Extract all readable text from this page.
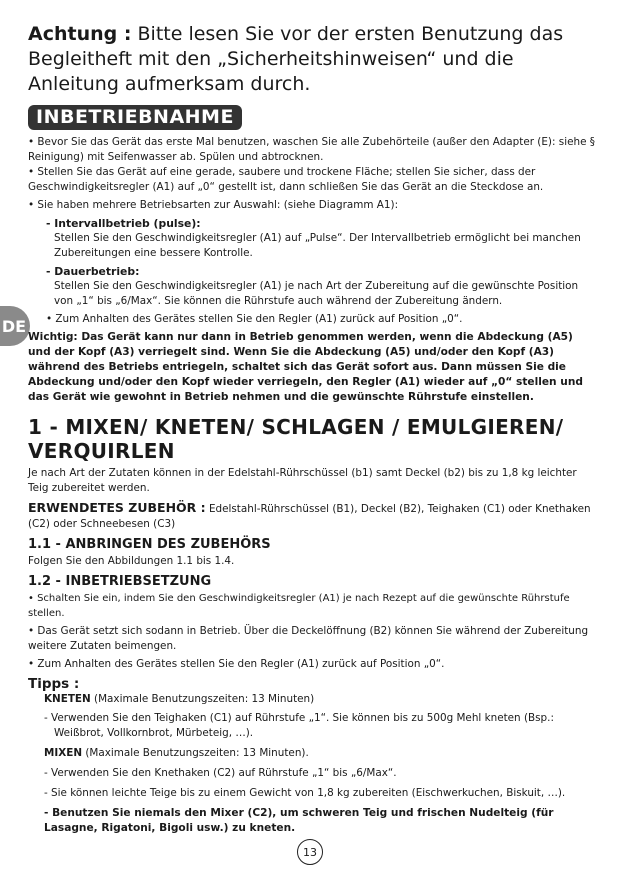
DE

Achtung : Bitte lesen Sie vor der ersten Benutzung das Begleitheft mit den „Sicherheitshinweisen“ und die Anleitung aufmerksam durch.

INBETRIEBNAHME

• Bevor Sie das Gerät das erste Mal benutzen, waschen Sie alle Zubehörteile (außer den Adapter (E): siehe § Reinigung) mit Seifenwasser ab. Spülen und abtrocknen.

• Stellen Sie das Gerät auf eine gerade, saubere und trockene Fläche; stellen Sie sicher, dass der Geschwindigkeitsregler (A1) auf „0“ gestellt ist, dann schließen Sie das Gerät an die Steckdose an.

• Sie haben mehrere Betriebsarten zur Auswahl: (siehe Diagramm A1):

- Intervallbetrieb (pulse):

Stellen Sie den Geschwindigkeitsregler (A1) auf „Pulse“. Der Intervallbetrieb ermöglicht bei manchen Zubereitungen eine bessere Kontrolle.

- Dauerbetrieb:

Stellen Sie den Geschwindigkeitsregler (A1) je nach Art der Zubereitung auf die gewünschte Position von „1“ bis „6/Max“. Sie können die Rührstufe auch während der Zubereitung ändern.

• Zum Anhalten des Gerätes stellen Sie den Regler (A1) zurück auf Position „0“.

Wichtig: Das Gerät kann nur dann in Betrieb genommen werden, wenn die Abdeckung (A5) und der Kopf (A3) verriegelt sind. Wenn Sie die Abdeckung (A5) und/oder den Kopf (A3) während des Betriebs entriegeln, schaltet sich das Gerät sofort aus. Dann müssen Sie die Abdeckung und/oder den Kopf wieder verriegeln, den Regler (A1) wieder auf „0“ stellen und das Gerät wie gewohnt in Betrieb nehmen und die gewünschte Rührstufe einstellen.

1 - MIXEN/ KNETEN/ SCHLAGEN / EMULGIEREN/ VERQUIRLEN

Je nach Art der Zutaten können in der Edelstahl-Rührschüssel (b1) samt Deckel (b2) bis zu 1,8 kg leichter Teig zubereitet werden.

ERWENDETES ZUBEHÖR : Edelstahl-Rührschüssel (B1), Deckel (B2), Teighaken (C1) oder Knethaken (C2) oder Schneebesen (C3)

1.1 - ANBRINGEN DES ZUBEHÖRS

Folgen Sie den Abbildungen 1.1 bis 1.4.

1.2 - INBETRIEBSETZUNG

• Schalten Sie ein, indem Sie den Geschwindigkeitsregler (A1) je nach Rezept auf die gewünschte Rührstufe stellen.

• Das Gerät setzt sich sodann in Betrieb. Über die Deckelöffnung (B2) können Sie während der Zubereitung weitere Zutaten beimengen.

• Zum Anhalten des Gerätes stellen Sie den Regler (A1) zurück auf Position „0“.

Tipps :

KNETEN (Maximale Benutzungszeiten: 13 Minuten)

- Verwenden Sie den Teighaken (C1) auf Rührstufe „1“. Sie können bis zu 500g Mehl kneten (Bsp.: Weißbrot, Vollkornbrot, Mürbeteig, …).

MIXEN (Maximale Benutzungszeiten: 13 Minuten).

- Verwenden Sie den Knethaken (C2) auf Rührstufe „1“ bis „6/Max“.

- Sie können leichte Teige bis zu einem Gewicht von 1,8 kg zubereiten (Eischwerkuchen, Biskuit, …).

- Benutzen Sie niemals den Mixer (C2), um schweren Teig und frischen Nudelteig (für Lasagne, Rigatoni, Bigoli usw.) zu kneten.

13
